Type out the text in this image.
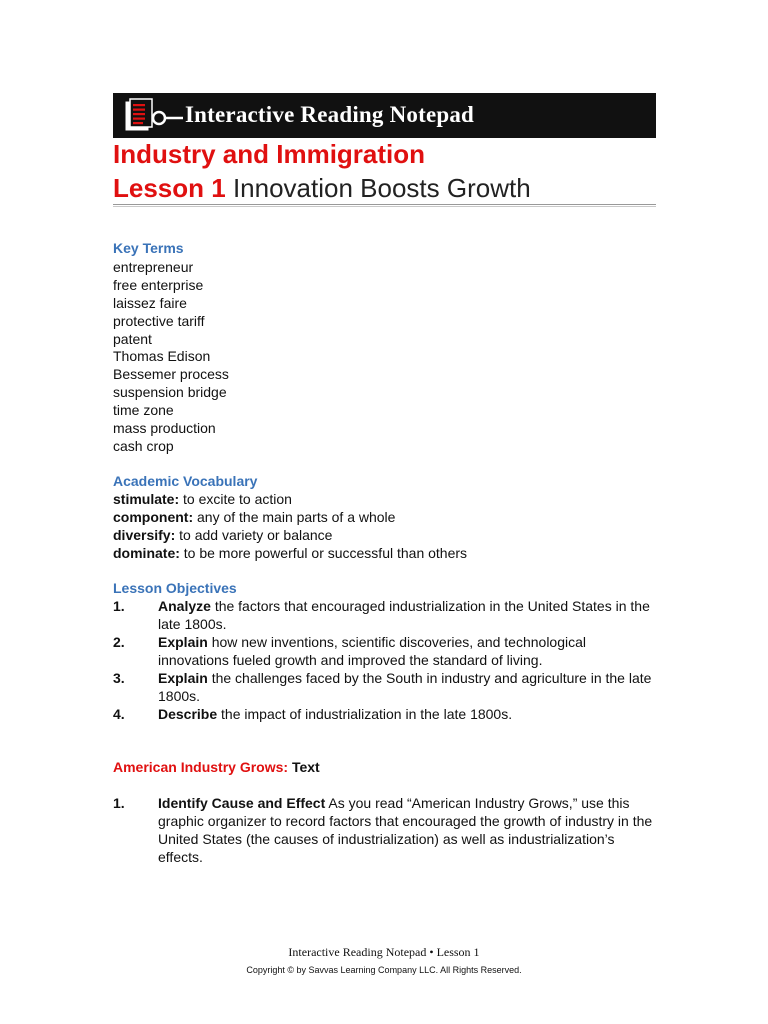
Interactive Reading Notepad
Industry and Immigration
Lesson 1 Innovation Boosts Growth
Key Terms
entrepreneur
free enterprise
laissez faire
protective tariff
patent
Thomas Edison
Bessemer process
suspension bridge
time zone
mass production
cash crop
Academic Vocabulary
stimulate: to excite to action
component: any of the main parts of a whole
diversify: to add variety or balance
dominate: to be more powerful or successful than others
Lesson Objectives
1. Analyze the factors that encouraged industrialization in the United States in the late 1800s.
2. Explain how new inventions, scientific discoveries, and technological innovations fueled growth and improved the standard of living.
3. Explain the challenges faced by the South in industry and agriculture in the late 1800s.
4. Describe the impact of industrialization in the late 1800s.
American Industry Grows: Text
1. Identify Cause and Effect As you read “American Industry Grows,” use this graphic organizer to record factors that encouraged the growth of industry in the United States (the causes of industrialization) as well as industrialization’s effects.
Interactive Reading Notepad • Lesson 1
Copyright © by Savvas Learning Company LLC. All Rights Reserved.
